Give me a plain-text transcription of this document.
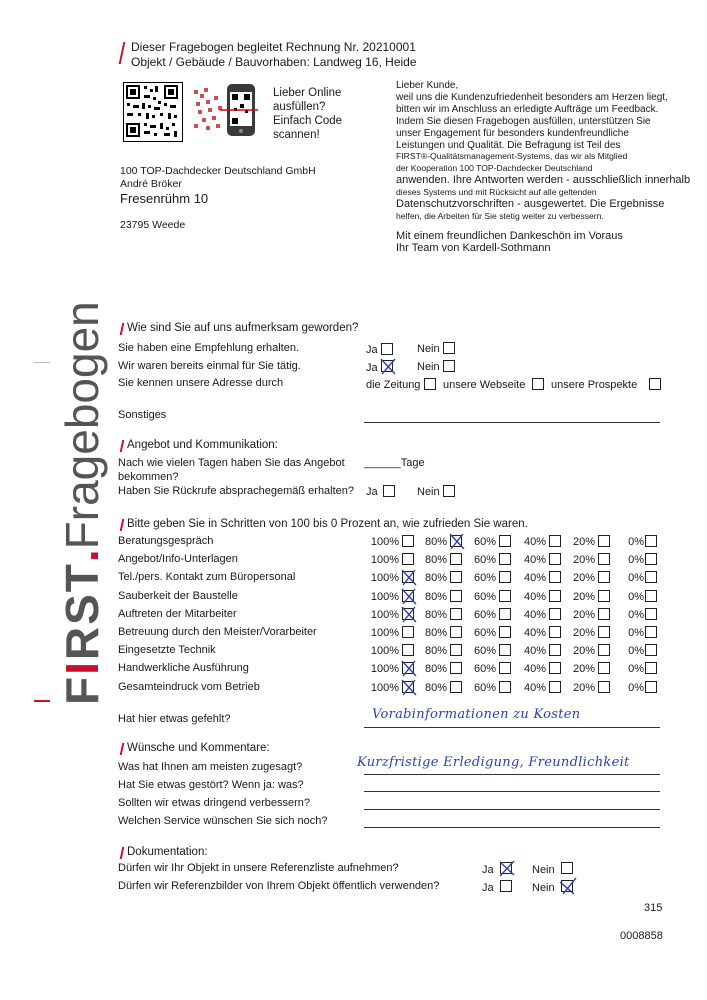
Dieser Fragebogen begleitet Rechnung Nr. 20210001
Objekt / Gebäude / Bauvorhaben: Landweg 16, Heide
Lieber Online
ausfüllen?
Einfach Code
scannen!
Lieber Kunde,
weil uns die Kundenzufriedenheit besonders am Herzen liegt,
bitten wir im Anschluss an erledigte Aufträge um Feedback.
Indem Sie diesen Fragebogen ausfüllen, unterstützen Sie
unser Engagement für besonders kundenfreundliche
Leistungen und Qualität. Die Befragung ist Teil des
FIRST®-Qualitätsmanagement-Systems, das wir als Mitglied
der Kooperation 100 TOP-Dachdecker Deutschland
anwenden. Ihre Antworten werden - ausschließlich innerhalb
dieses Systems und mit Rücksicht auf alle geltenden
Datenschutzvorschriften - ausgewertet. Die Ergebnisse
helfen, die Arbeiten für Sie stetig weiter zu verbessern.
Mit einem freundlichen Dankeschön im Voraus
Ihr Team von Kardell-Sothmann
100 TOP-Dachdecker Deutschland GmbH
André Bröker
Fresenrühm 10
23795 Weede
FIRST.Fragebogen Wie sind Sie auf uns aufmerksam geworden?
Sie haben eine Empfehlung erhalten.	Ja	Nein
Wir waren bereits einmal für Sie tätig.	Ja	Nein
Sie kennen unsere Adresse durch	die Zeitung unsere Webseite unsere Prospekte
Sonstiges
Angebot und Kommunikation:
Nach wie vielen Tagen haben Sie das Angebot
bekommen?
______Tage
Haben Sie Rückrufe absprachegemäß erhalten? Ja	Nein
Bitte geben Sie in Schritten von 100 bis 0 Prozent an, wie zufrieden Sie waren.
Beratungsgespräch	100%	80%	60%	40%	20%	0%
Angebot/Info-Unterlagen	100%	80%	60%	40%	20%	0%
Tel./pers. Kontakt zum Büropersonal	100%	80%	60%	40%	20%	0%
Sauberkeit der Baustelle	100%	80%	60%	40%	20%	0%
Auftreten der Mitarbeiter	100%	80%	60%	40%	20%	0%
Betreuung durch den Meister/Vorarbeiter	100%	80%	60%	40%	20%	0%
Eingesetzte Technik	100%	80%	60%	40%	20%	0%
Handwerkliche Ausführung	100%	80%	60%	40%	20%	0%
Gesamteindruck vom Betrieb	100%	80%	60%	40%	20%	0%
Hat hier etwas gefehlt?	Vorabinformationen zu Kosten
Wünsche und Kommentare:
Was hat Ihnen am meisten zugesagt?	Kurzfristige Erledigung, Freundlichkeit
Hat Sie etwas gestört? Wenn ja: was?
Sollten wir etwas dringend verbessern?
Welchen Service wünschen Sie sich noch?
Dokumentation:
Dürfen wir Ihr Objekt in unsere Referenzliste aufnehmen?	Ja	Nein
Dürfen wir Referenzbilder von Ihrem Objekt öffentlich verwenden?	Ja	Nein
315
0008858
